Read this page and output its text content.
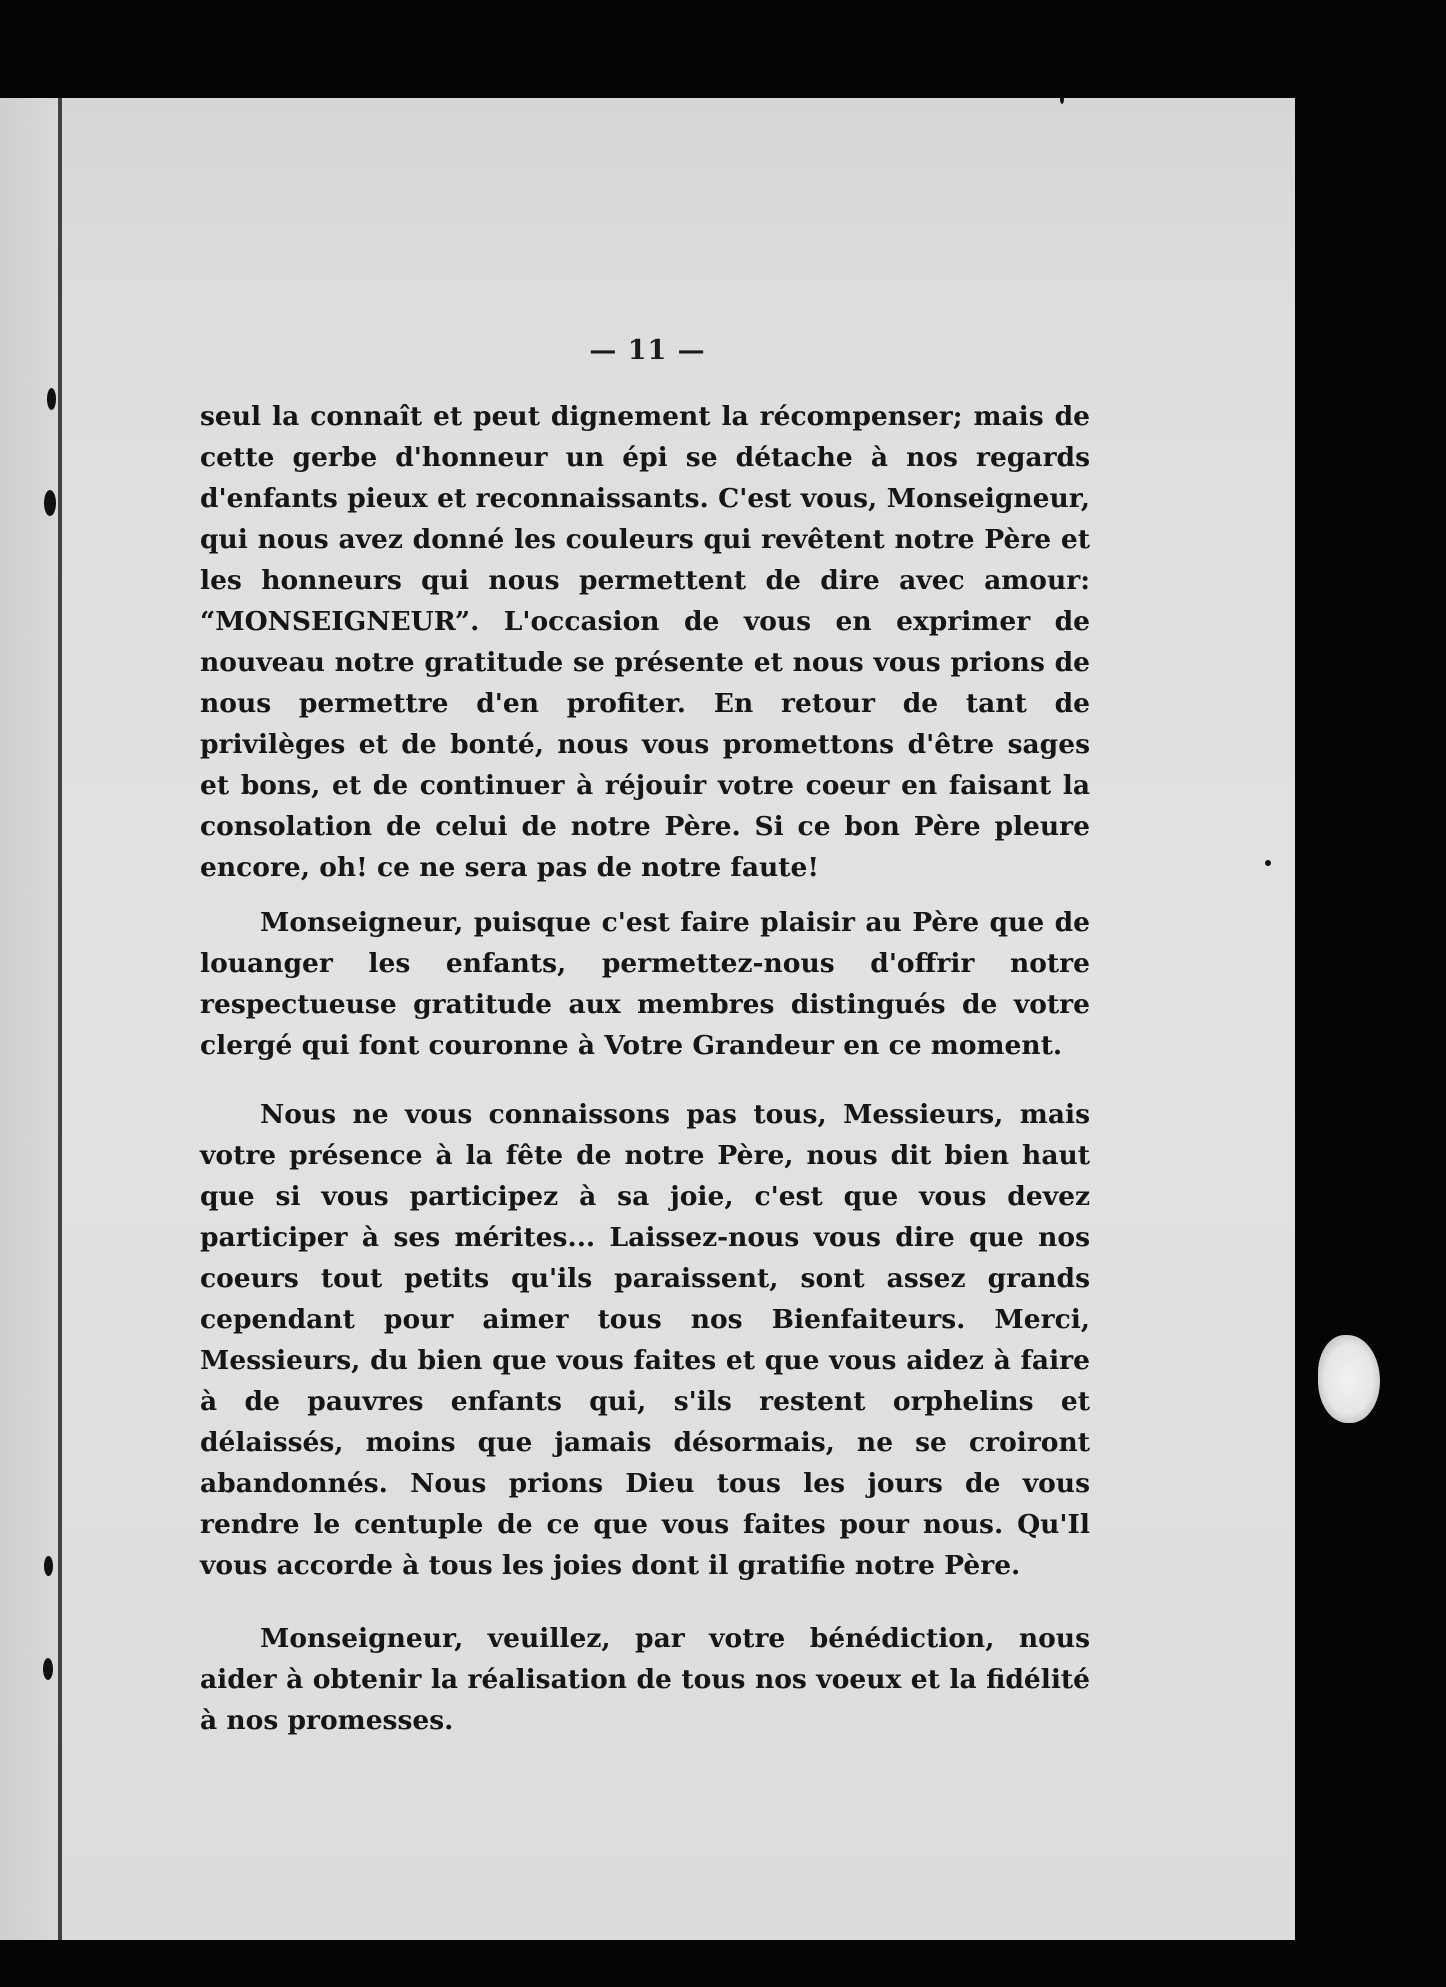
— 11 —

seul la connaît et peut dignement la récompenser; mais de cette gerbe d'honneur un épi se détache à nos regards d'enfants pieux et reconnaissants. C'est vous, Monseigneur, qui nous avez donné les couleurs qui revêtent notre Père et les honneurs qui nous permettent de dire avec amour: “MONSEIGNEUR”. L'occasion de vous en exprimer de nouveau notre gratitude se présente et nous vous prions de nous permettre d'en profiter. En retour de tant de privilèges et de bonté, nous vous promettons d'être sages et bons, et de continuer à réjouir votre coeur en faisant la consolation de celui de notre Père. Si ce bon Père pleure encore, oh! ce ne sera pas de notre faute!

Monseigneur, puisque c'est faire plaisir au Père que de louanger les enfants, permettez-nous d'offrir notre respectueuse gratitude aux membres distingués de votre clergé qui font couronne à Votre Grandeur en ce moment.

Nous ne vous connaissons pas tous, Messieurs, mais votre présence à la fête de notre Père, nous dit bien haut que si vous participez à sa joie, c'est que vous devez participer à ses mérites... Laissez-nous vous dire que nos coeurs tout petits qu'ils paraissent, sont assez grands cependant pour aimer tous nos Bienfaiteurs. Merci, Messieurs, du bien que vous faites et que vous aidez à faire à de pauvres enfants qui, s'ils restent orphelins et délaissés, moins que jamais désormais, ne se croiront abandonnés. Nous prions Dieu tous les jours de vous rendre le centuple de ce que vous faites pour nous. Qu'Il vous accorde à tous les joies dont il gratifie notre Père.

Monseigneur, veuillez, par votre bénédiction, nous aider à obtenir la réalisation de tous nos voeux et la fidélité à nos promesses.
